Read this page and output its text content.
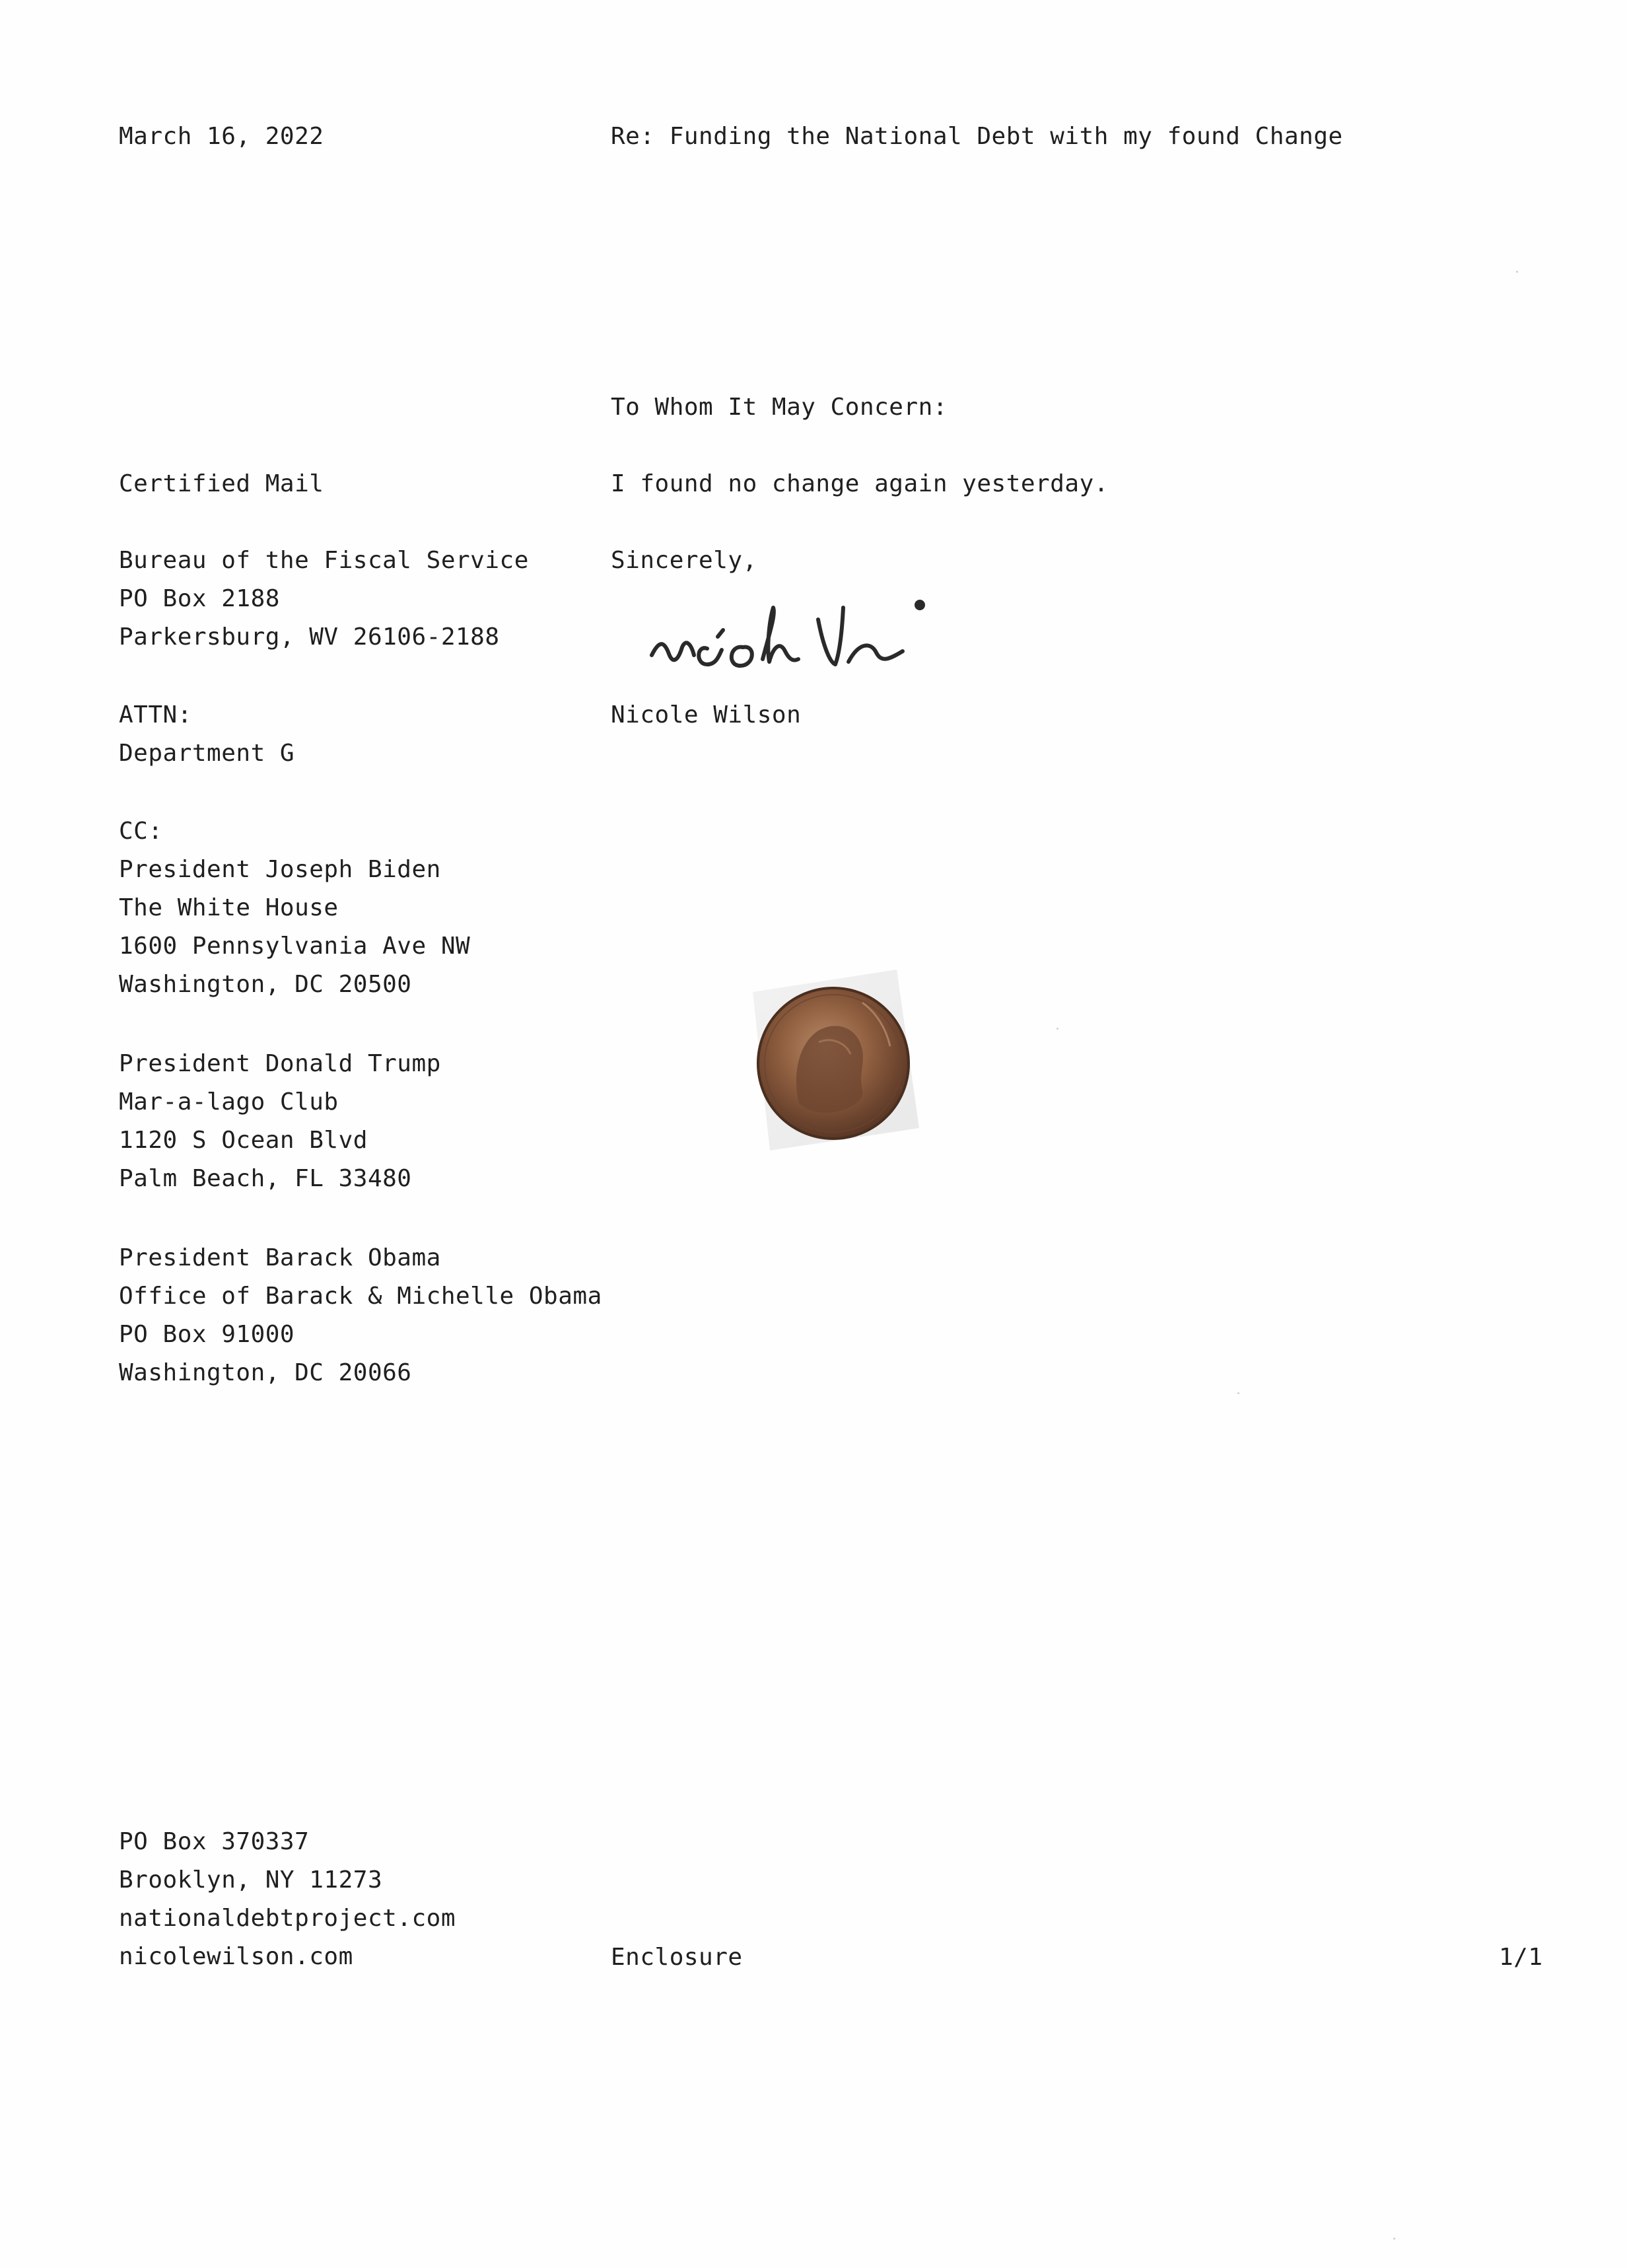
March 16, 2022	Re: Funding the National Debt with my found Change
To Whom It May Concern:
I found no change again yesterday.
Sincerely,
Nicole Wilson
Certified Mail
Bureau of the Fiscal Service
PO Box 2188
Parkersburg, WV 26106-2188
ATTN:
Department G
CC:
President Joseph Biden
The White House
1600 Pennsylvania Ave NW
Washington, DC 20500
President Donald Trump
Mar-a-lago Club
1120 S Ocean Blvd
Palm Beach, FL 33480
President Barack Obama
Office of Barack & Michelle Obama
PO Box 91000
Washington, DC 20066
PO Box 370337
Brooklyn, NY 11273
nationaldebtproject.com
nicolewilson.com	Enclosure	1/1
